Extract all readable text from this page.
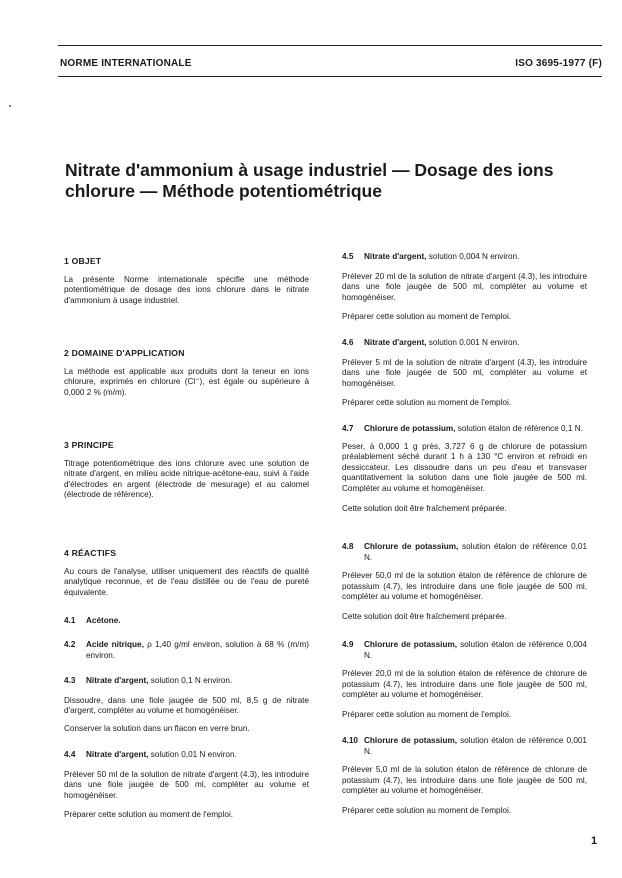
NORME INTERNATIONALE	ISO 3695-1977 (F)
Nitrate d'ammonium à usage industriel — Dosage des ions
chlorure — Méthode potentiométrique
1 OBJET

La présente Norme internationale spécifie une méthode potentiométrique de dosage des ions chlorure dans le nitrate d'ammonium à usage industriel.

2 DOMAINE D'APPLICATION

La méthode est applicable aux produits dont la teneur en ions chlorure, exprimés en chlorure (Cl⁻), est égale ou supérieure à 0,000 2 % (m/m).

3 PRINCIPE

Titrage potentiométrique des ions chlorure avec une solution de nitrate d'argent, en milieu acide nitrique-acétone-eau, suivi à l'aide d'électrodes en argent (électrode de mesurage) et au calomel (électrode de référence).

4 RÉACTIFS

Au cours de l'analyse, utiliser uniquement des réactifs de qualité analytique reconnue, et de l'eau distillée ou de l'eau de pureté équivalente.

4.1	Acétone.
4.2	Acide nitrique, ρ 1,40 g/ml environ, solution à 68 % (m/m) environ.
4.3	Nitrate d'argent, solution 0,1 N environ.

Dissoudre, dans une fiole jaugée de 500 ml, 8,5 g de nitrate d'argent, compléter au volume et homogénéiser.

Conserver la solution dans un flacon en verre brun.

4.4	Nitrate d'argent, solution 0,01 N environ.

Prélever 50 ml de la solution de nitrate d'argent (4.3), les introduire dans une fiole jaugée de 500 ml, compléter au volume et homogénéiser.

Préparer cette solution au moment de l'emploi.

4.5	Nitrate d'argent, solution 0,004 N environ.

Prélever 20 ml de la solution de nitrate d'argent (4.3), les introduire dans une fiole jaugée de 500 ml, compléter au volume et homogénéiser.

Préparer cette solution au moment de l'emploi.

4.6	Nitrate d'argent, solution 0,001 N environ.

Prélever 5 ml de la solution de nitrate d'argent (4.3), les introduire dans une fiole jaugée de 500 ml, compléter au volume et homogénéiser.

Préparer cette solution au moment de l'emploi.

4.7	Chlorure de potassium, solution étalon de référence 0,1 N.

Peser, à 0,000 1 g près, 3,727 6 g de chlorure de potassium préalablement séché durant 1 h à 130 °C environ et refroidi en dessiccateur. Les dissoudre dans un peu d'eau et transvaser quantitativement la solution dans une fiole jaugée de 500 ml. Compléter au volume et homogénéiser.

Cette solution doit être fraîchement préparée.

4.8	Chlorure de potassium, solution étalon de référence 0,01 N.

Prélever 50,0 ml de la solution étalon de référence de chlorure de potassium (4.7), les introduire dans une fiole jaugée de 500 ml, compléter au volume et homogénéiser.

Cette solution doit être fraîchement préparée.

4.9	Chlorure de potassium, solution étalon de référence 0,004 N.

Prélever 20,0 ml de la solution étalon de référence de chlorure de potassium (4.7), les introduire dans une fiole jaugée de 500 ml, compléter au volume et homogénéiser.

Préparer cette solution au moment de l'emploi.

4.10 Chlorure de potassium, solution étalon de référence 0,001 N.

Prélever 5,0 ml de la solution étalon de référence de chlorure de potassium (4.7), les introduire dans une fiole jaugée de 500 ml, compléter au volume et homogénéiser.

Préparer cette solution au moment de l'emploi.

1
